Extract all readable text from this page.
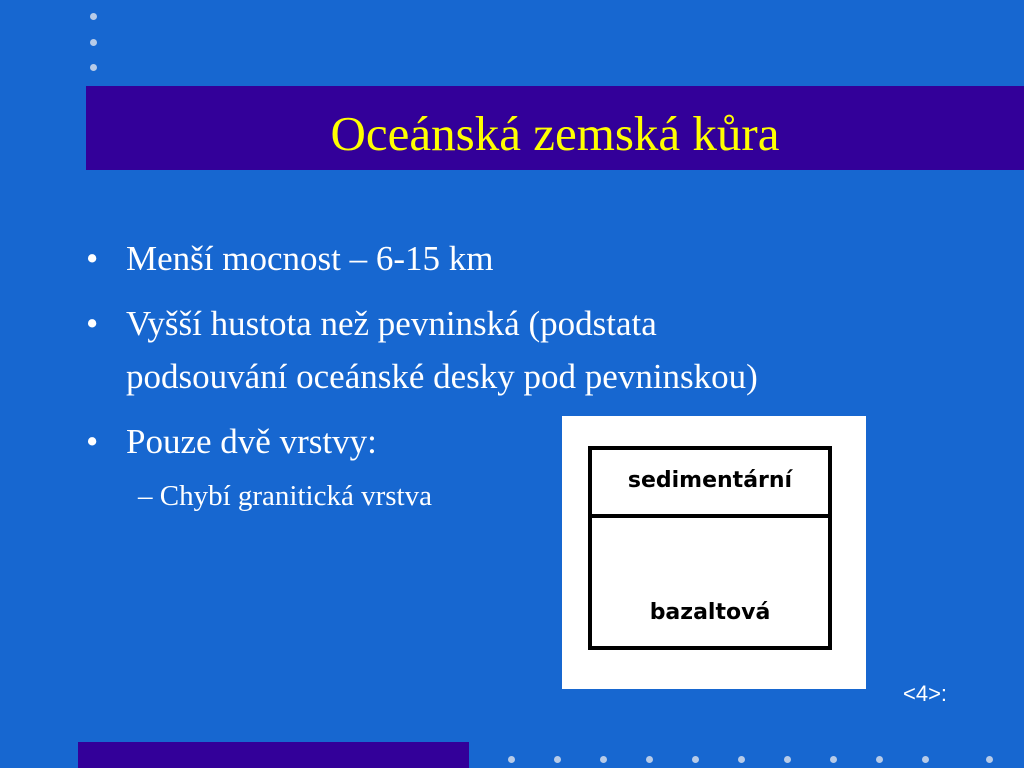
Oceánská zemská kůra
• Menší mocnost – 6-15 km
• Vyšší hustota než pevninská (podstata podsouvání oceánské desky pod pevninskou)
• Pouze dvě vrstvy:
– Chybí granitická vrstva	sedimentární
bazaltová
<4>:
